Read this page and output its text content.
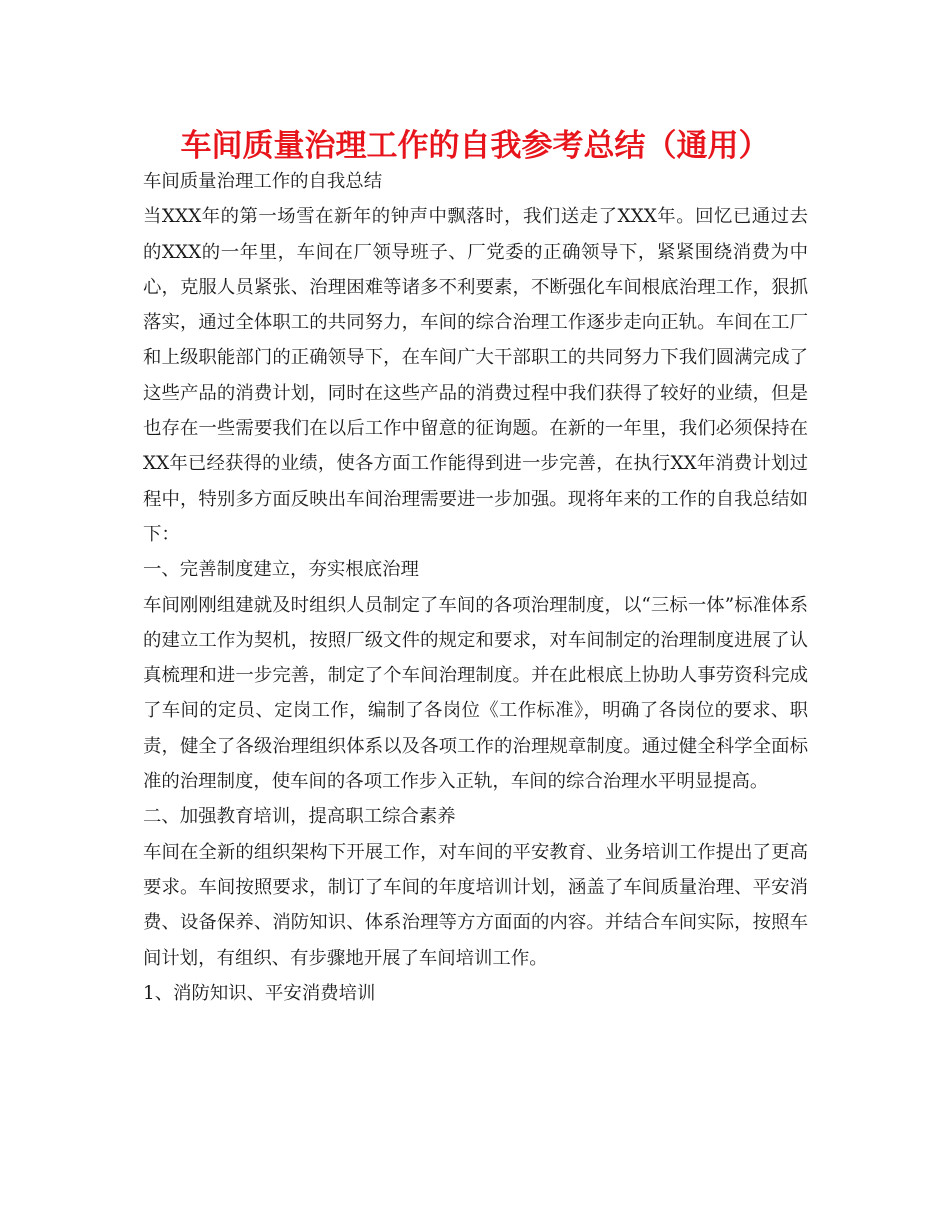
车间质量治理工作的自我参考总结（通用）

车间质量治理工作的自我总结

当XXX年的第一场雪在新年的钟声中飘落时，我们送走了XXX年。回忆已通过去的XXX的一年里，车间在厂领导班子、厂党委的正确领导下，紧紧围绕消费为中心，克服人员紧张、治理困难等诸多不利要素，不断强化车间根底治理工作，狠抓落实，通过全体职工的共同努力，车间的综合治理工作逐步走向正轨。车间在工厂和上级职能部门的正确领导下，在车间广大干部职工的共同努力下我们圆满完成了这些产品的消费计划，同时在这些产品的消费过程中我们获得了较好的业绩，但是也存在一些需要我们在以后工作中留意的征询题。在新的一年里，我们必须保持在XX年已经获得的业绩，使各方面工作能得到进一步完善，在执行XX年消费计划过程中，特别多方面反映出车间治理需要进一步加强。现将年来的工作的自我总结如下：

一、完善制度建立，夯实根底治理

车间刚刚组建就及时组织人员制定了车间的各项治理制度，以“三标一体”标准体系的建立工作为契机，按照厂级文件的规定和要求，对车间制定的治理制度进展了认真梳理和进一步完善，制定了个车间治理制度。并在此根底上协助人事劳资科完成了车间的定员、定岗工作，编制了各岗位《工作标准》，明确了各岗位的要求、职责，健全了各级治理组织体系以及各项工作的治理规章制度。通过健全科学全面标准的治理制度，使车间的各项工作步入正轨，车间的综合治理水平明显提高。

二、加强教育培训，提高职工综合素养

车间在全新的组织架构下开展工作，对车间的平安教育、业务培训工作提出了更高要求。车间按照要求，制订了车间的年度培训计划，涵盖了车间质量治理、平安消费、设备保养、消防知识、体系治理等方方面面的内容。并结合车间实际，按照车间计划，有组织、有步骤地开展了车间培训工作。

1、消防知识、平安消费培训
